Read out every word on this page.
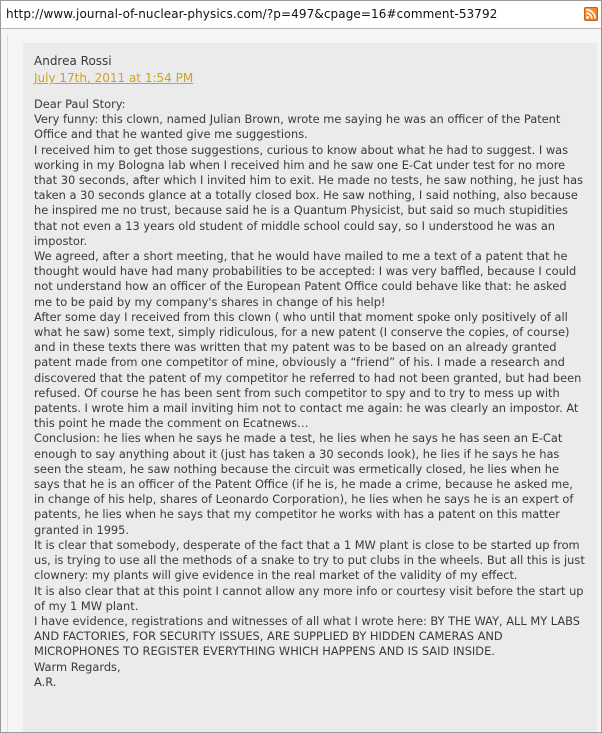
http://www.journal-of-nuclear-physics.com/?p=497&cpage=16#comment-53792
Andrea Rossi
July 17th, 2011 at 1:54 PM

Dear Paul Story:

Very funny: this clown, named Julian Brown, wrote me saying he was an officer of the Patent Office and that he wanted give me suggestions.

I received him to get those suggestions, curious to know about what he had to suggest. I was working in my Bologna lab when I received him and he saw one E-Cat under test for no more that 30 seconds, after which I invited him to exit. He made no tests, he saw nothing, he just has taken a 30 seconds glance at a totally closed box. He saw nothing, I said nothing, also because he inspired me no trust, because said he is a Quantum Physicist, but said so much stupidities that not even a 13 years old student of middle school could say, so I understood he was an impostor.

We agreed, after a short meeting, that he would have mailed to me a text of a patent that he thought would have had many probabilities to be accepted: I was very baffled, because I could not understand how an officer of the European Patent Office could behave like that: he asked me to be paid by my company's shares in change of his help!

After some day I received from this clown ( who until that moment spoke only positively of all what he saw) some text, simply ridiculous, for a new patent (I conserve the copies, of course) and in these texts there was written that my patent was to be based on an already granted patent made from one competitor of mine, obviously a “friend” of his. I made a research and discovered that the patent of my competitor he referred to had not been granted, but had been refused. Of course he has been sent from such competitor to spy and to try to mess up with patents. I wrote him a mail inviting him not to contact me again: he was clearly an impostor. At this point he made the comment on Ecatnews…

Conclusion: he lies when he says he made a test, he lies when he says he has seen an E-Cat enough to say anything about it (just has taken a 30 seconds look), he lies if he says he has seen the steam, he saw nothing because the circuit was ermetically closed, he lies when he says that he is an officer of the Patent Office (if he is, he made a crime, because he asked me, in change of his help, shares of Leonardo Corporation), he lies when he says he is an expert of patents, he lies when he says that my competitor he works with has a patent on this matter granted in 1995.

It is clear that somebody, desperate of the fact that a 1 MW plant is close to be started up from us, is trying to use all the methods of a snake to try to put clubs in the wheels. But all this is just clownery: my plants will give evidence in the real market of the validity of my effect.

It is also clear that at this point I cannot allow any more info or courtesy visit before the start up of my 1 MW plant.

I have evidence, registrations and witnesses of all what I wrote here: BY THE WAY, ALL MY LABS AND FACTORIES, FOR SECURITY ISSUES, ARE SUPPLIED BY HIDDEN CAMERAS AND MICROPHONES TO REGISTER EVERYTHING WHICH HAPPENS AND IS SAID INSIDE.

Warm Regards,

A.R.
